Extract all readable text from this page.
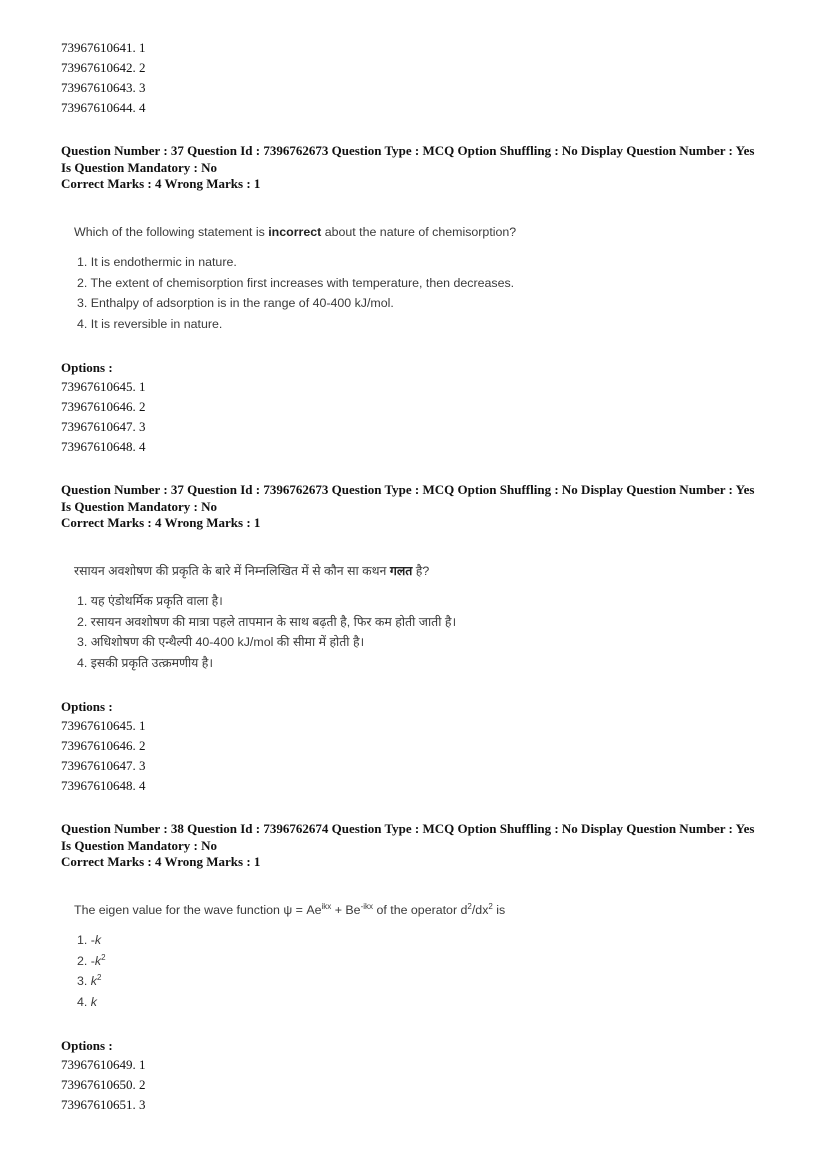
73967610641. 1
73967610642. 2
73967610643. 3
73967610644. 4
Question Number : 37 Question Id : 7396762673 Question Type : MCQ Option Shuffling : No Display Question Number : Yes
Is Question Mandatory : No
Correct Marks : 4 Wrong Marks : 1
Which of the following statement is incorrect about the nature of chemisorption?
1. It is endothermic in nature.
2. The extent of chemisorption first increases with temperature, then decreases.
3. Enthalpy of adsorption is in the range of 40-400 kJ/mol.
4. It is reversible in nature.
Options :
73967610645. 1
73967610646. 2
73967610647. 3
73967610648. 4
Question Number : 37 Question Id : 7396762673 Question Type : MCQ Option Shuffling : No Display Question Number : Yes
Is Question Mandatory : No
Correct Marks : 4 Wrong Marks : 1
रसायन अवशोषण की प्रकृति के बारे में निम्नलिखित में से कौन सा कथन गलत है?
1. यह एंडोथर्मिक प्रकृति वाला है।
2. रसायन अवशोषण की मात्रा पहले तापमान के साथ बढ़ती है, फिर कम होती जाती है।
3. अधिशोषण की एन्थैल्पी 40-400 kJ/mol की सीमा में होती है।
4. इसकी प्रकृति उत्क्रमणीय है।
Options :
73967610645. 1
73967610646. 2
73967610647. 3
73967610648. 4
Question Number : 38 Question Id : 7396762674 Question Type : MCQ Option Shuffling : No Display Question Number : Yes
Is Question Mandatory : No
Correct Marks : 4 Wrong Marks : 1
The eigen value for the wave function $\psi = Ae^{ikx} + Be^{-ikx}$ of the operator $d^2/dx^2$ is
1. -k
2. $-k^2$
3. $k^2$
4. k
Options :
73967610649. 1
73967610650. 2
73967610651. 3
